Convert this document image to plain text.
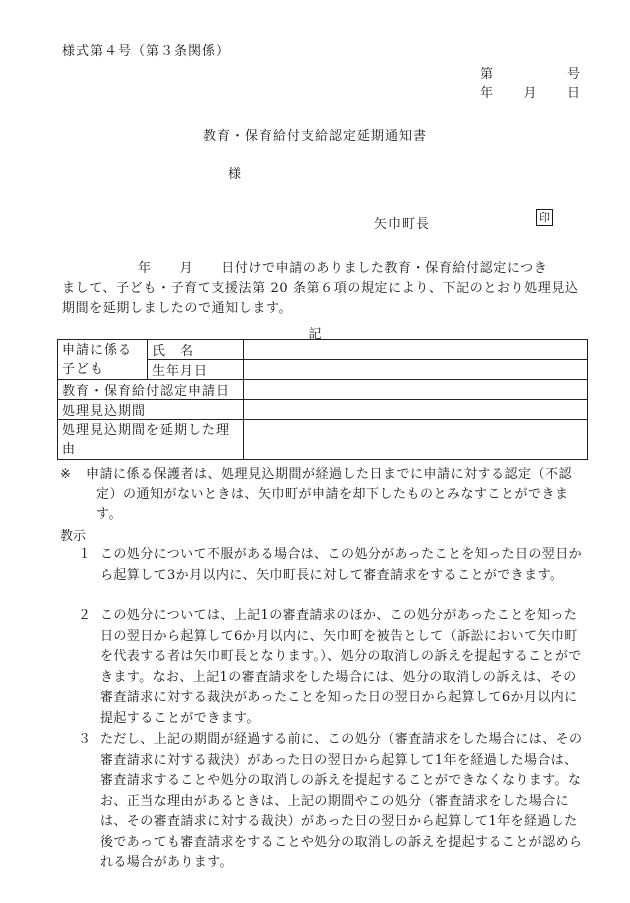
様式第４号（第３条関係）
第	号
年 月 日
教育・保育給付支給認定延期通知書
様
矢巾町長	印
年 月 日付けで申請のありました教育・保育給付認定につき
まして、子ども・子育て支援法第 20 条第６項の規定により、下記のとおり処理見込期間を延期しましたので通知します。
記
申請に係る子ども	氏　名	
	生年月日	
教育・保育給付認定申請日		
処理見込期間		
処理見込期間を延期した理由		
※	申請に係る保護者は、処理見込期間が経過した日までに申請に対する認定（不認定）の通知がないときは、矢巾町が申請を却下したものとみなすことができます。
教示
１ この処分について不服がある場合は、この処分があったことを知った日の翌日から起算して3か月以内に、矢巾町長に対して審査請求をすることができます。
２ この処分については、上記1の審査請求のほか、この処分があったことを知った日の翌日から起算して6か月以内に、矢巾町を被告として（訴訟において矢巾町を代表する者は矢巾町長となります。）、処分の取消しの訴えを提起することができます。なお、上記1の審査請求をした場合には、処分の取消しの訴えは、その審査請求に対する裁決があったことを知った日の翌日から起算して6か月以内に提起することができます。
３ ただし、上記の期間が経過する前に、この処分（審査請求をした場合には、その審査請求に対する裁決）があった日の翌日から起算して1年を経過した場合は、審査請求することや処分の取消しの訴えを提起することができなくなります。なお、正当な理由があるときは、上記の期間やこの処分（審査請求をした場合には、その審査請求に対する裁決）があった日の翌日から起算して1年を経過した後であっても審査請求をすることや処分の取消しの訴えを提起することが認められる場合があります。
